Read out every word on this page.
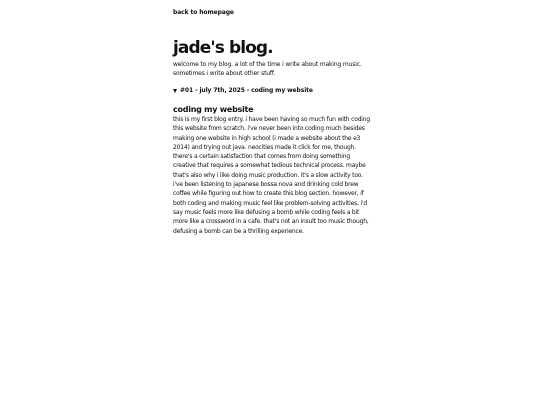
back to homepage
jade's blog.

welcome to my blog. a lot of the time i write about making music. sometimes i write about other stuff.

#01 - july 7th, 2025 - coding my website
coding my website

this is my first blog entry. i have been having so much fun with coding this website from scratch. i've never been into coding much besides making one website in high school (i made a website about the e3 2014) and trying out java. neocities made it click for me, though. there's a certain satisfaction that comes from doing something creative that requires a somewhat tedious technical process. maybe that's also why i like doing music production. it's a slow activity too. i've been listening to japanese bossa nova and drinking cold brew coffee while figuring out how to create this blog section. however, if both coding and making music feel like problem-solving activities, i'd say music feels more like defusing a bomb while coding feels a bit more like a crossword in a cafe. that's not an insult too music though, defusing a bomb can be a thrilling experience.
